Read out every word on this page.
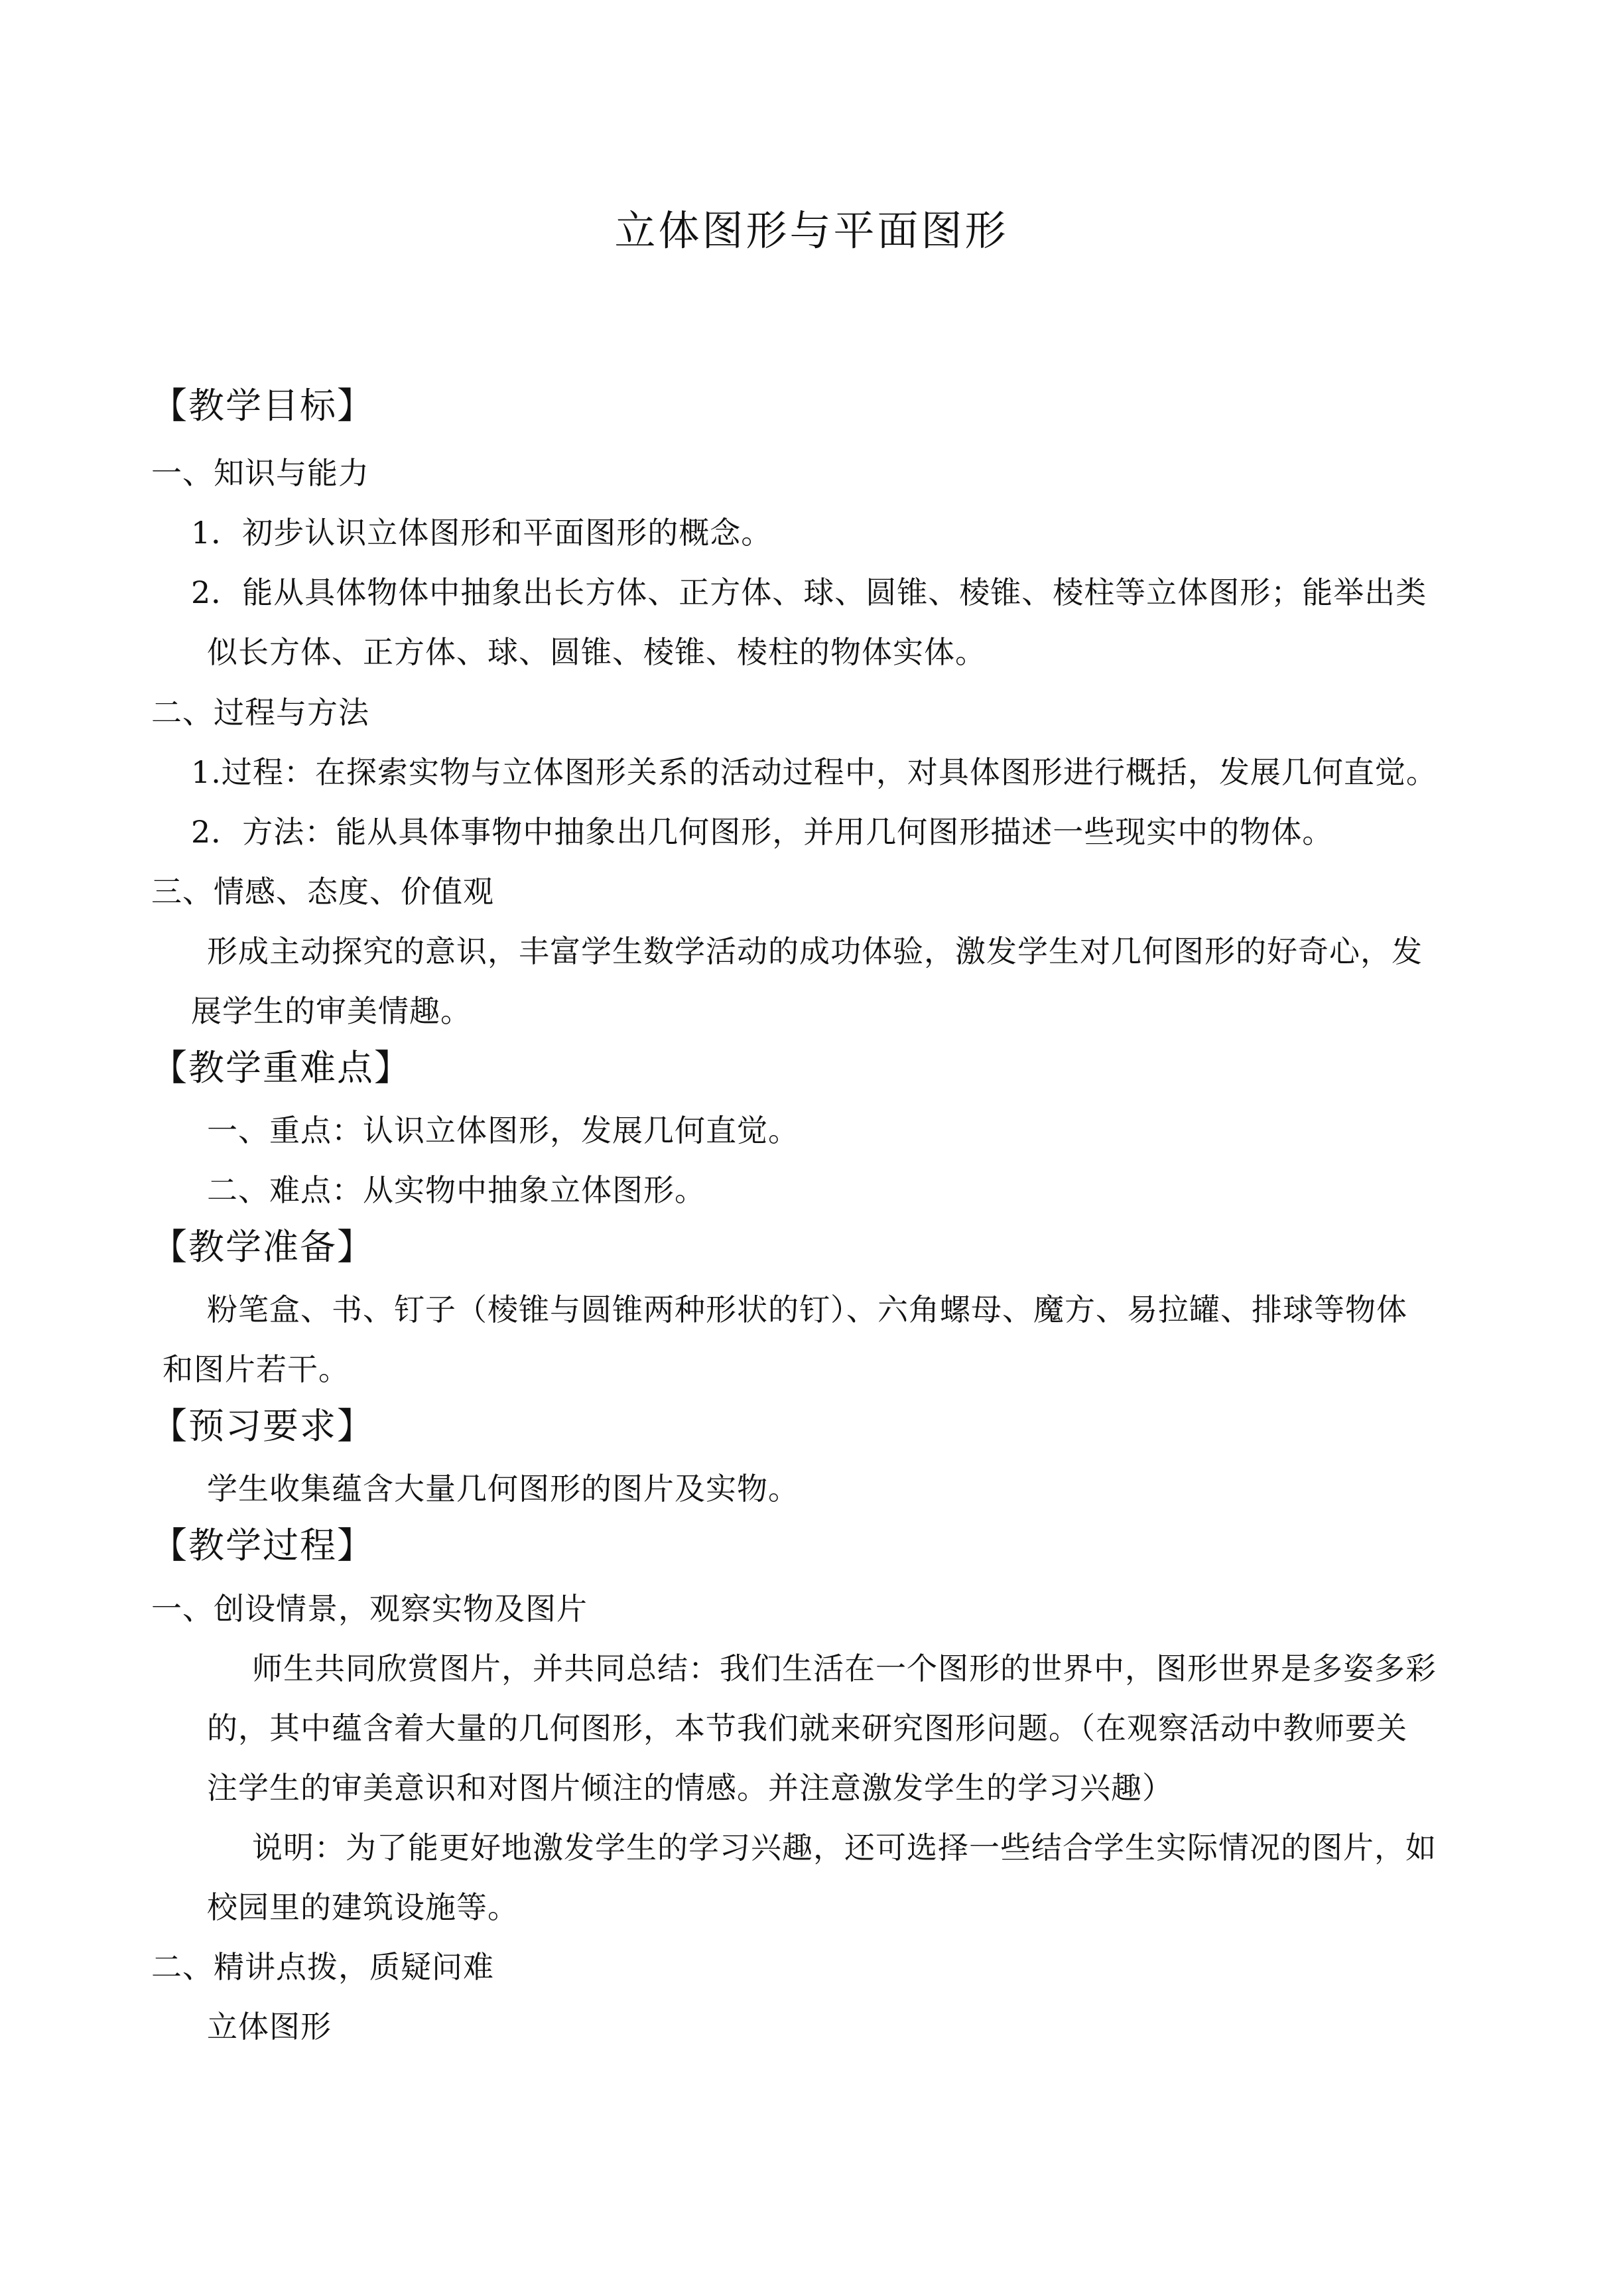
立体图形与平面图形
【教学目标】
一、知识与能力
1．初步认识立体图形和平面图形的概念。
2．能从具体物体中抽象出长方体、正方体、球、圆锥、棱锥、棱柱等立体图形；能举出类
似长方体、正方体、球、圆锥、棱锥、棱柱的物体实体。
二、过程与方法
1.过程：在探索实物与立体图形关系的活动过程中，对具体图形进行概括，发展几何直觉。
2．方法：能从具体事物中抽象出几何图形，并用几何图形描述一些现实中的物体。
三、情感、态度、价值观
形成主动探究的意识，丰富学生数学活动的成功体验，激发学生对几何图形的好奇心，发
展学生的审美情趣。
【教学重难点】
一、重点：认识立体图形，发展几何直觉。
二、难点：从实物中抽象立体图形。
【教学准备】
粉笔盒、书、钉子（棱锥与圆锥两种形状的钉）、六角螺母、魔方、易拉罐、排球等物体
和图片若干。
【预习要求】
学生收集蕴含大量几何图形的图片及实物。
【教学过程】
一、创设情景，观察实物及图片
师生共同欣赏图片，并共同总结：我们生活在一个图形的世界中，图形世界是多姿多彩
的，其中蕴含着大量的几何图形，本节我们就来研究图形问题。（在观察活动中教师要关
注学生的审美意识和对图片倾注的情感。并注意激发学生的学习兴趣）
说明：为了能更好地激发学生的学习兴趣，还可选择一些结合学生实际情况的图片，如
校园里的建筑设施等。
二、精讲点拨，质疑问难
立体图形
